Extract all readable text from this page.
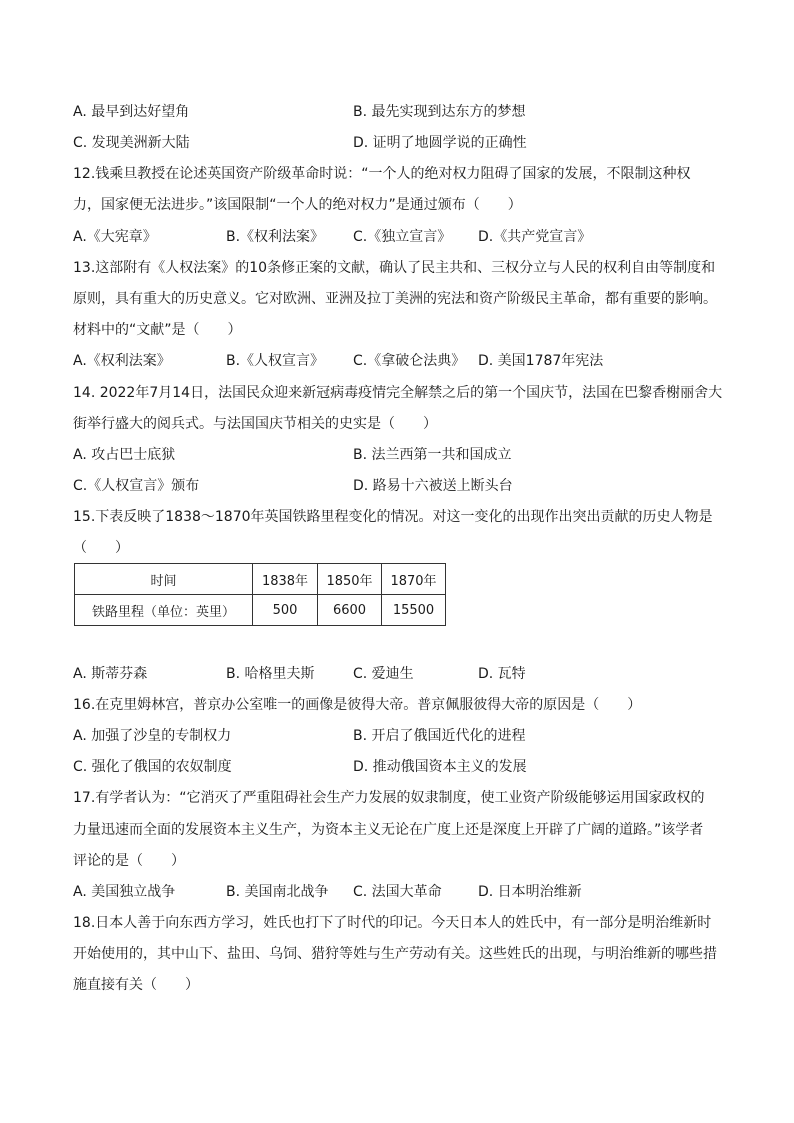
A. 最早到达好望角	B. 最先实现到达东方的梦想
C. 发现美洲新大陆	D. 证明了地圆学说的正确性
12.钱乘旦教授在论述英国资产阶级革命时说：“一个人的绝对权力阻碍了国家的发展，不限制这种权
力，国家便无法进步。”该国限制“一个人的绝对权力”是通过颁布（　　）
A.《大宪章》	B.《权利法案》 C.《独立宣言》 D.《共产党宣言》
13.这部附有《人权法案》的10条修正案的文献，确认了民主共和、三权分立与人民的权利自由等制度和
原则，具有重大的历史意义。它对欧洲、亚洲及拉丁美洲的宪法和资产阶级民主革命，都有重要的影响。
材料中的“文献”是（　　）
A.《权利法案》	B.《人权宣言》 C.《拿破仑法典》 D. 美国1787年宪法
14. 2022年7月14日，法国民众迎来新冠病毒疫情完全解禁之后的第一个国庆节，法国在巴黎香榭丽舍大
街举行盛大的阅兵式。与法国国庆节相关的史实是（　　）
A. 攻占巴士底狱	B. 法兰西第一共和国成立
C.《人权宣言》颁布	D. 路易十六被送上断头台
15.下表反映了1838～1870年英国铁路里程变化的情况。对这一变化的出现作出突出贡献的历史人物是
（　　）
时间	1838年	1850年	1870年
铁路里程（单位：英里）	500	6600	15500
A. 斯蒂芬森	B. 哈格里夫斯	C. 爱迪生	D. 瓦特
16.在克里姆林宫，普京办公室唯一的画像是彼得大帝。普京佩服彼得大帝的原因是（　　）
A. 加强了沙皇的专制权力	B. 开启了俄国近代化的进程
C. 强化了俄国的农奴制度	D. 推动俄国资本主义的发展
17.有学者认为：“它消灭了严重阻碍社会生产力发展的奴隶制度，使工业资产阶级能够运用国家政权的
力量迅速而全面的发展资本主义生产，为资本主义无论在广度上还是深度上开辟了广阔的道路。”该学者
评论的是（　　）
A. 美国独立战争	B. 美国南北战争 C. 法国大革命	D. 日本明治维新
18.日本人善于向东西方学习，姓氏也打下了时代的印记。今天日本人的姓氏中，有一部分是明治维新时
开始使用的，其中山下、盐田、乌饲、猎狩等姓与生产劳动有关。这些姓氏的出现，与明治维新的哪些措
施直接有关（　　）
